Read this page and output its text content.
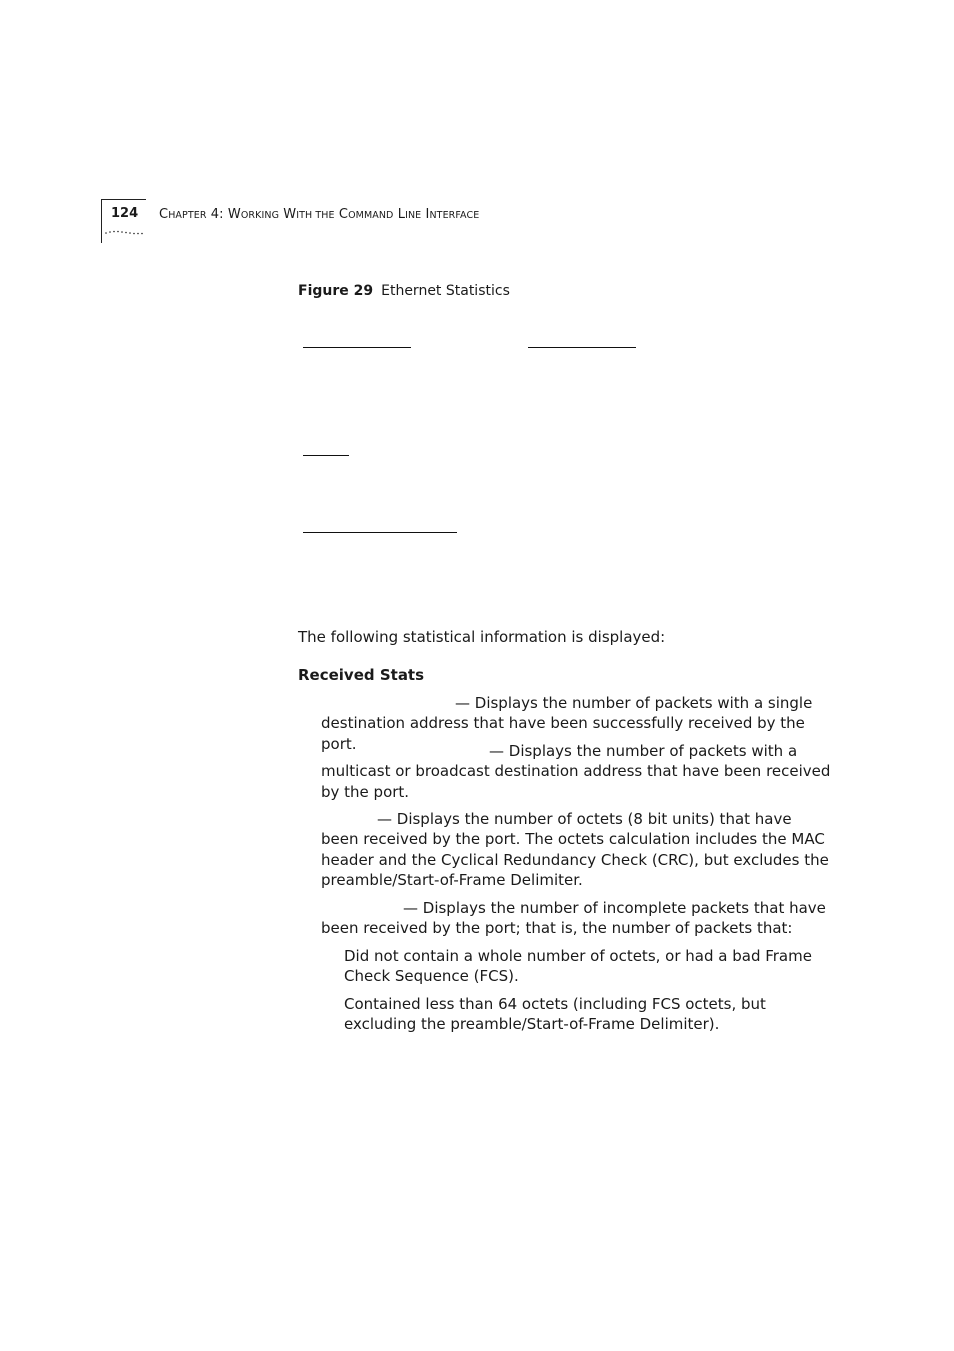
124 CHAPTER 4: WORKING WITH THE COMMAND LINE INTERFACE
Figure 29 Ethernet Statistics
The following statistical information is displayed:
Received Stats
— Displays the number of packets with a single destination address that have been successfully received by the port.	— Displays the number of packets with a multicast or broadcast destination address that have been received by the port.
— Displays the number of octets (8 bit units) that have been received by the port. The octets calculation includes the MAC header and the Cyclical Redundancy Check (CRC), but excludes the preamble/Start-of-Frame Delimiter.
— Displays the number of incomplete packets that have been received by the port; that is, the number of packets that:
Did not contain a whole number of octets, or had a bad Frame Check Sequence (FCS).
Contained less than 64 octets (including FCS octets, but excluding the preamble/Start-of-Frame Delimiter).
